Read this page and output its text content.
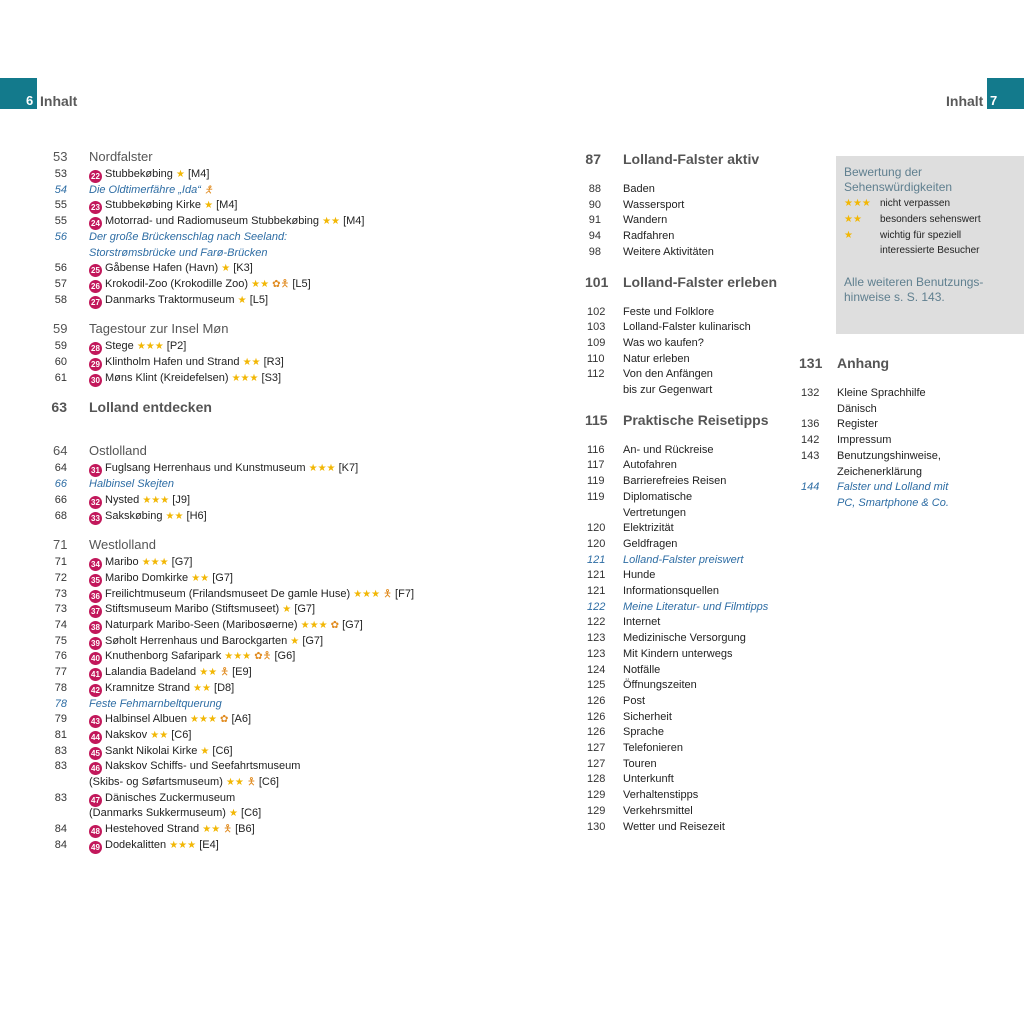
6 Inhalt	Inhalt 7
53 Nordfalster
53	22 Stubbekøbing ★ [M4]
54 Die Oldtimerfähre „Ida“ 🯅
55	23 Stubbekøbing Kirke ★ [M4]
55	24 Motorrad- und Radiomuseum Stubbekøbing ★★ [M4]
56 Der große Brückenschlag nach Seeland:
Storstrømsbrücke und Farø-Brücken
56	25 Gåbense Hafen (Havn) ★ [K3]
57	26 Krokodil-Zoo (Krokodille Zoo) ★★ ✿🯅 [L5]
58	27 Danmarks Traktormuseum ★ [L5]
59 Tagestour zur Insel Møn
59	28 Stege ★★★ [P2]
60	29 Klintholm Hafen und Strand ★★ [R3]
61	30 Møns Klint (Kreidefelsen) ★★★ [S3]
63 Lolland entdecken
64 Ostlolland
64	31 Fuglsang Herrenhaus und Kunstmuseum ★★★ [K7]
66 Halbinsel Skejten
66	32 Nysted ★★★ [J9]
68	33 Sakskøbing ★★ [H6]
71 Westlolland
71	34 Maribo ★★★ [G7]
72	35 Maribo Domkirke ★★ [G7]
73	36 Freilichtmuseum (Frilandsmuseet De gamle Huse) ★★★ 🯅 [F7]
73	37 Stiftsmuseum Maribo (Stiftsmuseet) ★ [G7]
74	38 Naturpark Maribo-Seen (Maribosøerne) ★★★ ✿ [G7]
75	39 Søholt Herrenhaus und Barockgarten ★ [G7]
76	40 Knuthenborg Safaripark ★★★ ✿🯅 [G6]
77	41 Lalandia Badeland ★★ 🯅 [E9]
78	42 Kramnitze Strand ★★ [D8]
78 Feste Fehmarnbeltquerung
79	43 Halbinsel Albuen ★★★ ✿ [A6]
81	44 Nakskov ★★ [C6]
83	45 Sankt Nikolai Kirke ★ [C6]
83	46 Nakskov Schiffs- und Seefahrtsmuseum
(Skibs- og Søfartsmuseum) ★★ 🯅 [C6]
83	47 Dänisches Zuckermuseum
(Danmarks Sukkermuseum) ★ [C6]
84	48 Hestehoved Strand ★★ 🯅 [B6]
84	49 Dodekalitten ★★★ [E4]
87 Lolland-Falster aktiv
88 Baden
90 Wassersport
91 Wandern
94 Radfahren
98 Weitere Aktivitäten
101 Lolland-Falster erleben
102 Feste und Folklore
103 Lolland-Falster kulinarisch
109 Was wo kaufen?
110 Natur erleben
112 Von den Anfängen
bis zur Gegenwart
115 Praktische Reisetipps
116 An- und Rückreise
117 Autofahren
119 Barrierefreies Reisen
119 Diplomatische
Vertretungen
120 Elektrizität
120 Geldfragen
121 Lolland-Falster preiswert
121 Hunde
121 Informationsquellen
122 Meine Literatur- und Filmtipps
122 Internet
123 Medizinische Versorgung
123 Mit Kindern unterwegs
124 Notfälle
125 Öffnungszeiten
126 Post
126 Sicherheit
126 Sprache
127 Telefonieren
127 Touren
128 Unterkunft
129 Verhaltenstipps
129 Verkehrsmittel
130 Wetter und Reisezeit
131 Anhang
132 Kleine Sprachhilfe
Dänisch
136 Register
142 Impressum
143 Benutzungshinweise,
Zeichenerklärung
144 Falster und Lolland mit
PC, Smartphone & Co.
Bewertung der
Sehenswürdigkeiten
★★★ nicht verpassen
★★ besonders sehenswert
★	wichtig für speziell
interessierte Besucher
Alle weiteren Benutzungs-
hinweise s. S. 143.
